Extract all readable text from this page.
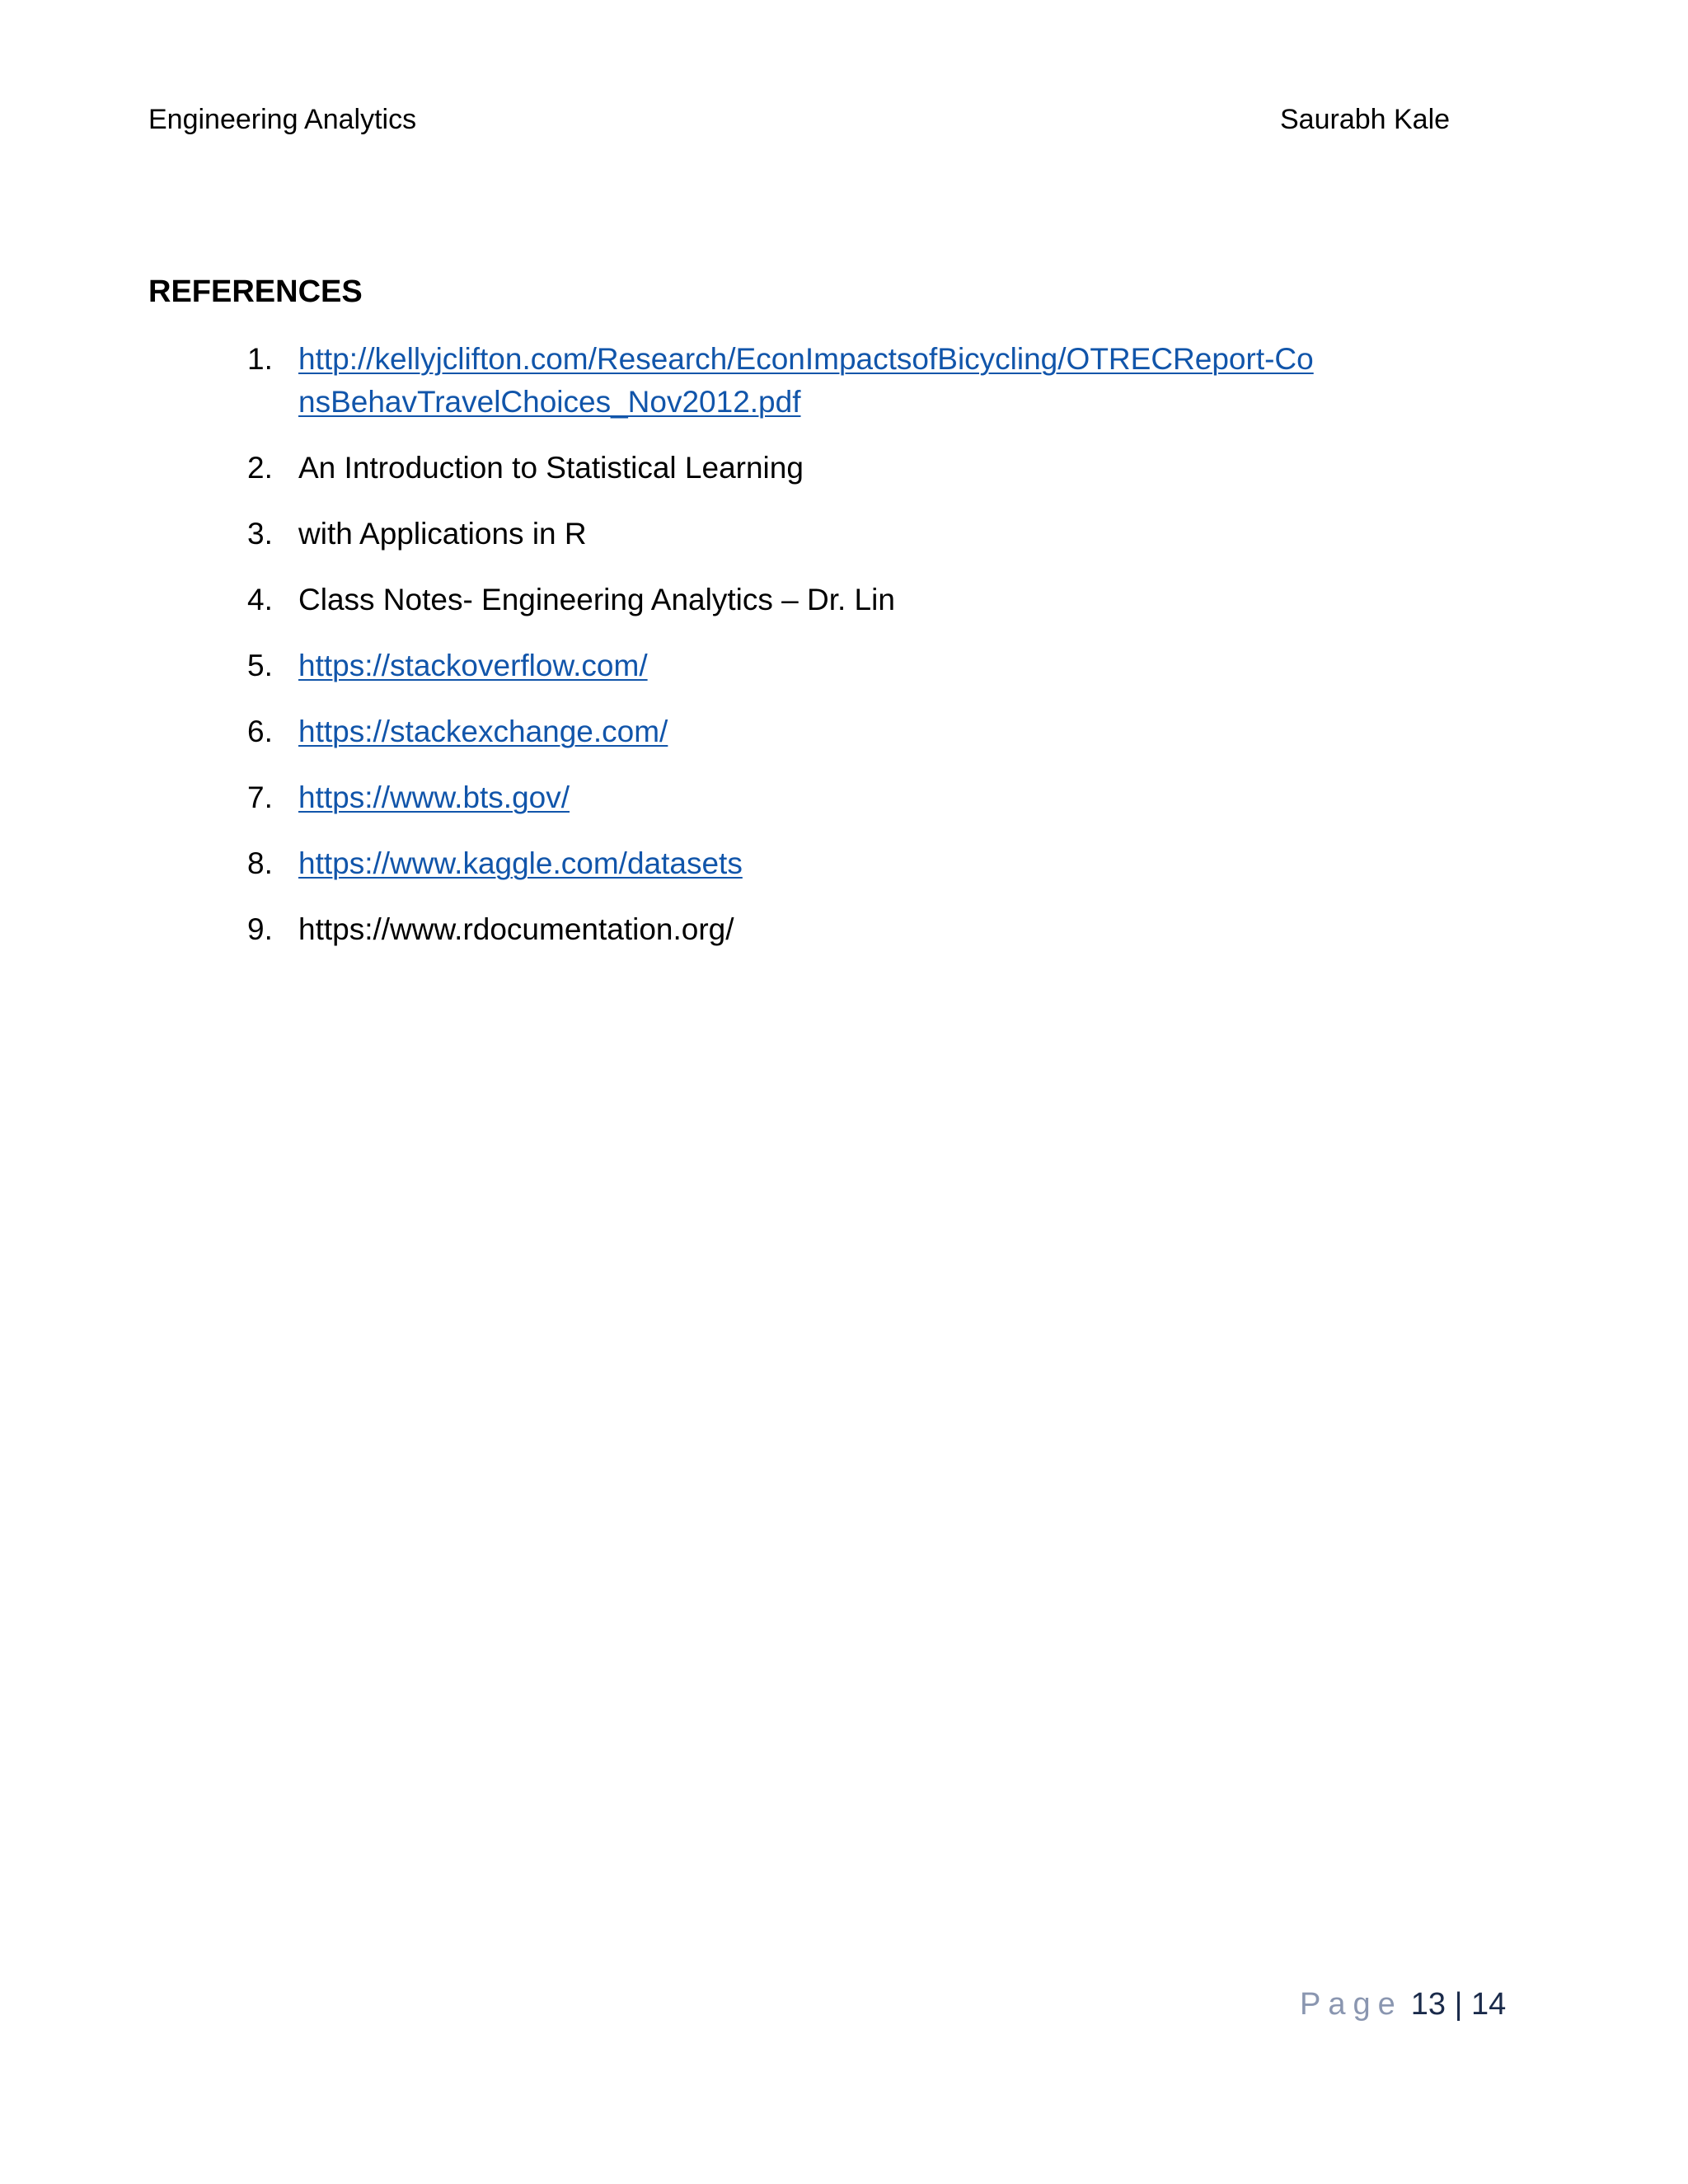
Engineering Analytics	Saurabh Kale
REFERENCES
1. http://kellyjclifton.com/Research/EconImpactsofBicycling/OTRECReport-ConsBehavTravelChoices_Nov2012.pdf
2. An Introduction to Statistical Learning
3. with Applications in R
4. Class Notes- Engineering Analytics – Dr. Lin
5. https://stackoverflow.com/
6. https://stackexchange.com/
7. https://www.bts.gov/
8. https://www.kaggle.com/datasets
9. https://www.rdocumentation.org/
Page 13 | 14
